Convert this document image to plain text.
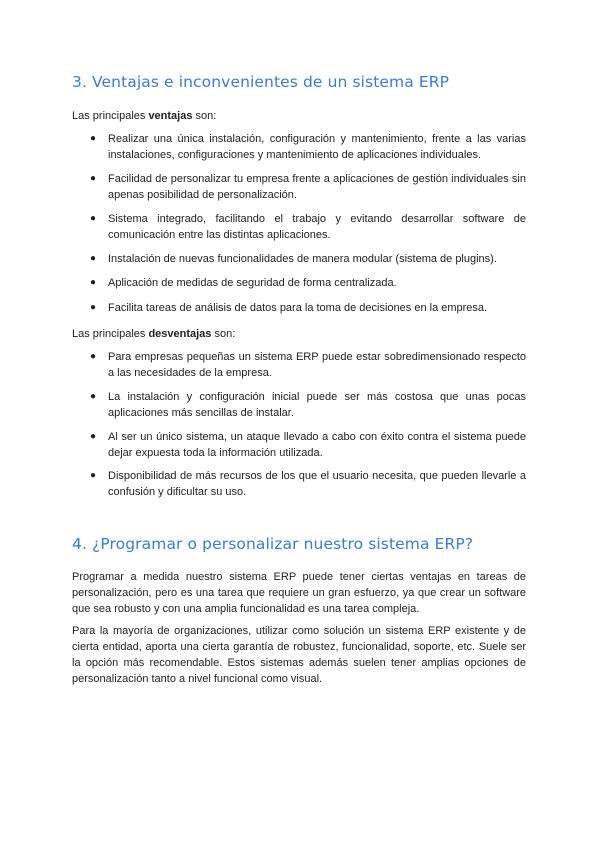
3. Ventajas e inconvenientes de un sistema ERP

Las principales ventajas son:

● Realizar una única instalación, configuración y mantenimiento, frente a las varias instalaciones, configuraciones y mantenimiento de aplicaciones individuales.
● Facilidad de personalizar tu empresa frente a aplicaciones de gestión individuales sin apenas posibilidad de personalización.
● Sistema integrado, facilitando el trabajo y evitando desarrollar software de comunicación entre las distintas aplicaciones.
● Instalación de nuevas funcionalidades de manera modular (sistema de plugins).
● Aplicación de medidas de seguridad de forma centralizada.
● Facilita tareas de análisis de datos para la toma de decisiones en la empresa.

Las principales desventajas son:

● Para empresas pequeñas un sistema ERP puede estar sobredimensionado respecto a las necesidades de la empresa.
● La instalación y configuración inicial puede ser más costosa que unas pocas aplicaciones más sencillas de instalar.
● Al ser un único sistema, un ataque llevado a cabo con éxito contra el sistema puede dejar expuesta toda la información utilizada.
● Disponibilidad de más recursos de los que el usuario necesita, que pueden llevarle a confusión y dificultar su uso.
4. ¿Programar o personalizar nuestro sistema ERP?

Programar a medida nuestro sistema ERP puede tener ciertas ventajas en tareas de personalización, pero es una tarea que requiere un gran esfuerzo, ya que crear un software que sea robusto y con una amplia funcionalidad es una tarea compleja.

Para la mayoría de organizaciones, utilizar como solución un sistema ERP existente y de cierta entidad, aporta una cierta garantía de robustez, funcionalidad, soporte, etc. Suele ser la opción más recomendable. Estos sistemas además suelen tener amplias opciones de personalización tanto a nivel funcional como visual.
